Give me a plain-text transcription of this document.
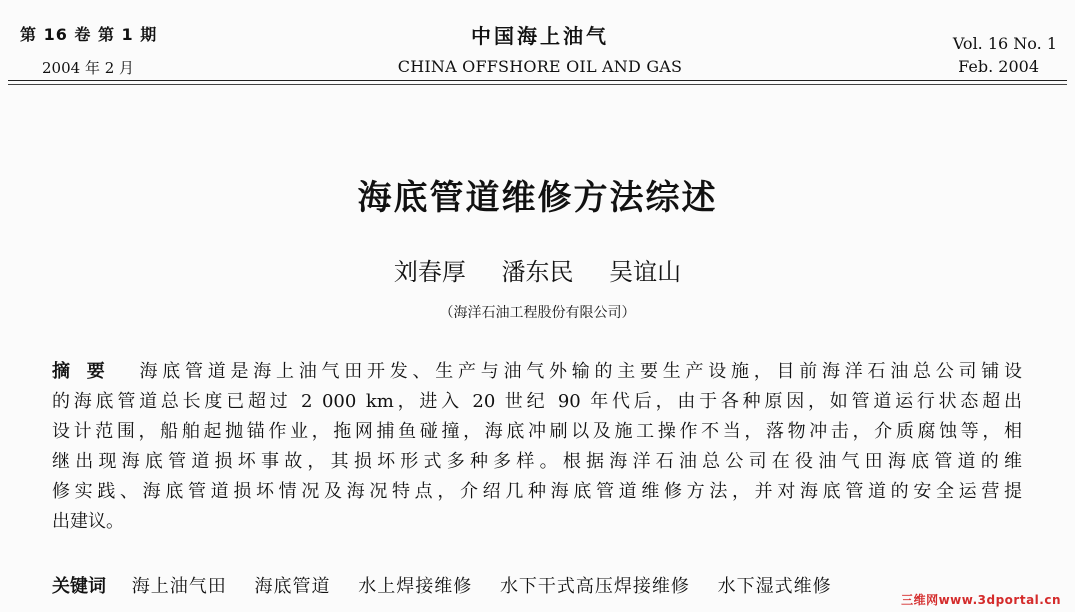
第 16 卷 第 1 期
2004 年 2 月
中国海上油气
CHINA OFFSHORE OIL AND GAS
Vol. 16 No. 1
Feb. 2004
海底管道维修方法综述
刘春厚 潘东民 吴谊山
（海洋石油工程股份有限公司）
摘要 海底管道是海上油气田开发、生产与油气外输的主要生产设施，目前海洋石油总公司铺设
的海底管道总长度已超过 2 000 km，进入 20 世纪 90 年代后，由于各种原因，如管道运行状态超出
设计范围，船舶起抛锚作业，拖网捕鱼碰撞，海底冲刷以及施工操作不当，落物冲击，介质腐蚀等，相
继出现海底管道损坏事故，其损坏形式多种多样。根据海洋石油总公司在役油气田海底管道的维
修实践、海底管道损坏情况及海况特点，介绍几种海底管道维修方法，并对海底管道的安全运营提
出建议。
关键词 海上油气田 海底管道 水上焊接维修 水下干式高压焊接维修 水下湿式维修
三维网www.3dportal.cn
